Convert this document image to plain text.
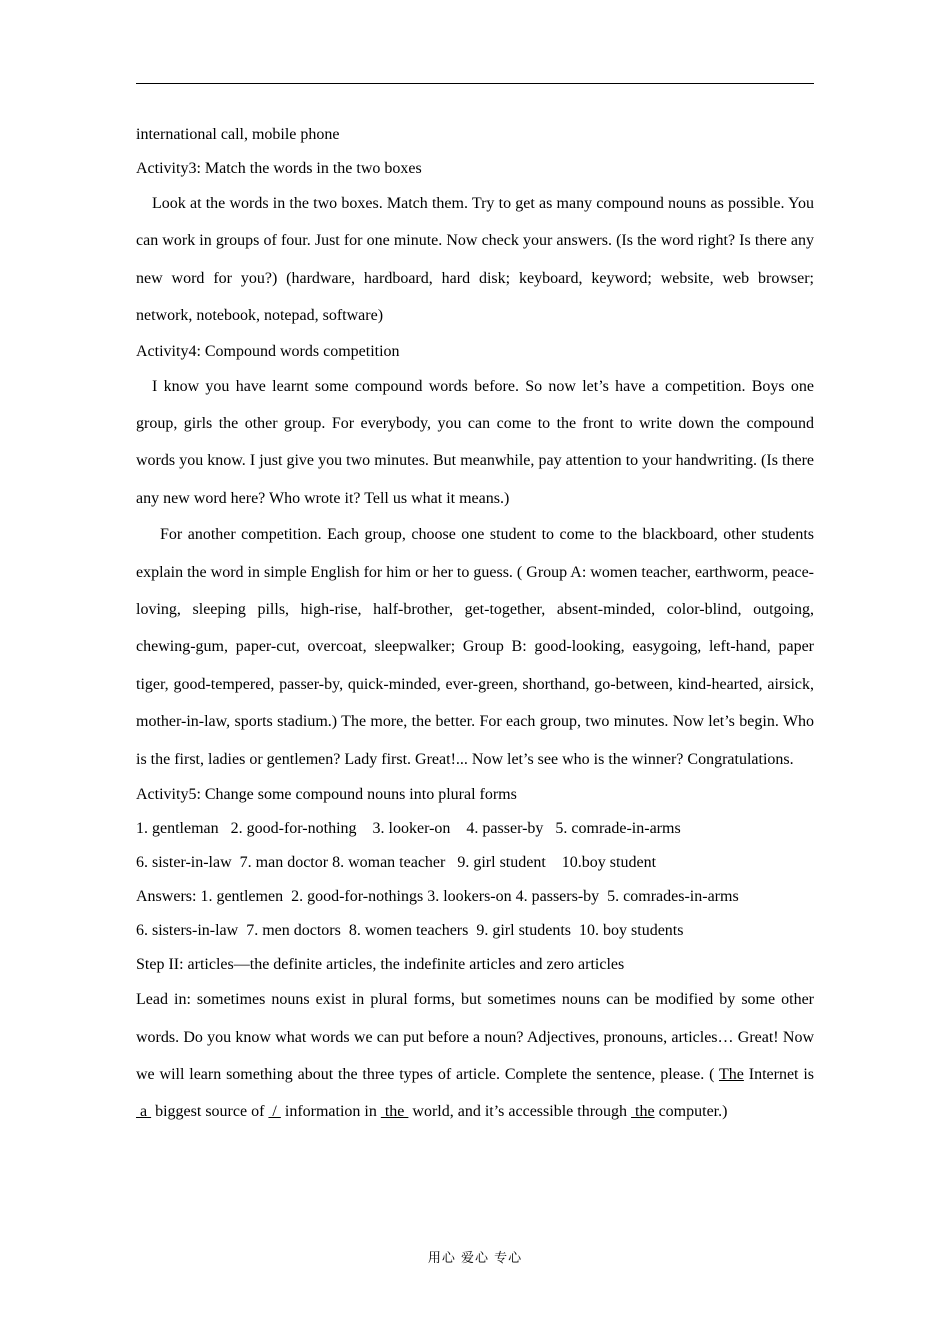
international call, mobile phone
Activity3: Match the words in the two boxes

Look at the words in the two boxes. Match them. Try to get as many compound nouns as possible. You can work in groups of four. Just for one minute. Now check your answers. (Is the word right? Is there any new word for you?) (hardware, hardboard, hard disk; keyboard, keyword; website, web browser; network, notebook, notepad, software)

Activity4: Compound words competition

I know you have learnt some compound words before. So now let’s have a competition. Boys one group, girls the other group. For everybody, you can come to the front to write down the compound words you know. I just give you two minutes. But meanwhile, pay attention to your handwriting. (Is there any new word here? Who wrote it? Tell us what it means.)

For another competition. Each group, choose one student to come to the blackboard, other students explain the word in simple English for him or her to guess. ( Group A: women teacher, earthworm, peace-loving, sleeping pills, high-rise, half-brother, get-together, absent-minded, color-blind, outgoing, chewing-gum, paper-cut, overcoat, sleepwalker; Group B: good-looking, easygoing, left-hand, paper tiger, good-tempered, passer-by, quick-minded, ever-green, shorthand, go-between, kind-hearted, airsick, mother-in-law, sports stadium.) The more, the better. For each group, two minutes. Now let’s begin. Who is the first, ladies or gentlemen? Lady first. Great!... Now let’s see who is the winner? Congratulations.

Activity5: Change some compound nouns into plural forms
1. gentleman   2. good-for-nothing    3. looker-on    4. passer-by   5. comrade-in-arms
6. sister-in-law  7. man doctor 8. woman teacher   9. girl student    10.boy student
Answers: 1. gentlemen  2. good-for-nothings 3. lookers-on 4. passers-by  5. comrades-in-arms
6. sisters-in-law  7. men doctors  8. women teachers  9. girl students  10. boy students
Step II: articles—the definite articles, the indefinite articles and zero articles

Lead in: sometimes nouns exist in plural forms, but sometimes nouns can be modified by some other words. Do you know what words we can put before a noun? Adjectives, pronouns, articles… Great! Now we will learn something about the three types of article. Complete the sentence, please. ( The Internet is a  biggest source of  /  information in  the  world, and it’s accessible through  the computer.)

用心 爱心 专心
